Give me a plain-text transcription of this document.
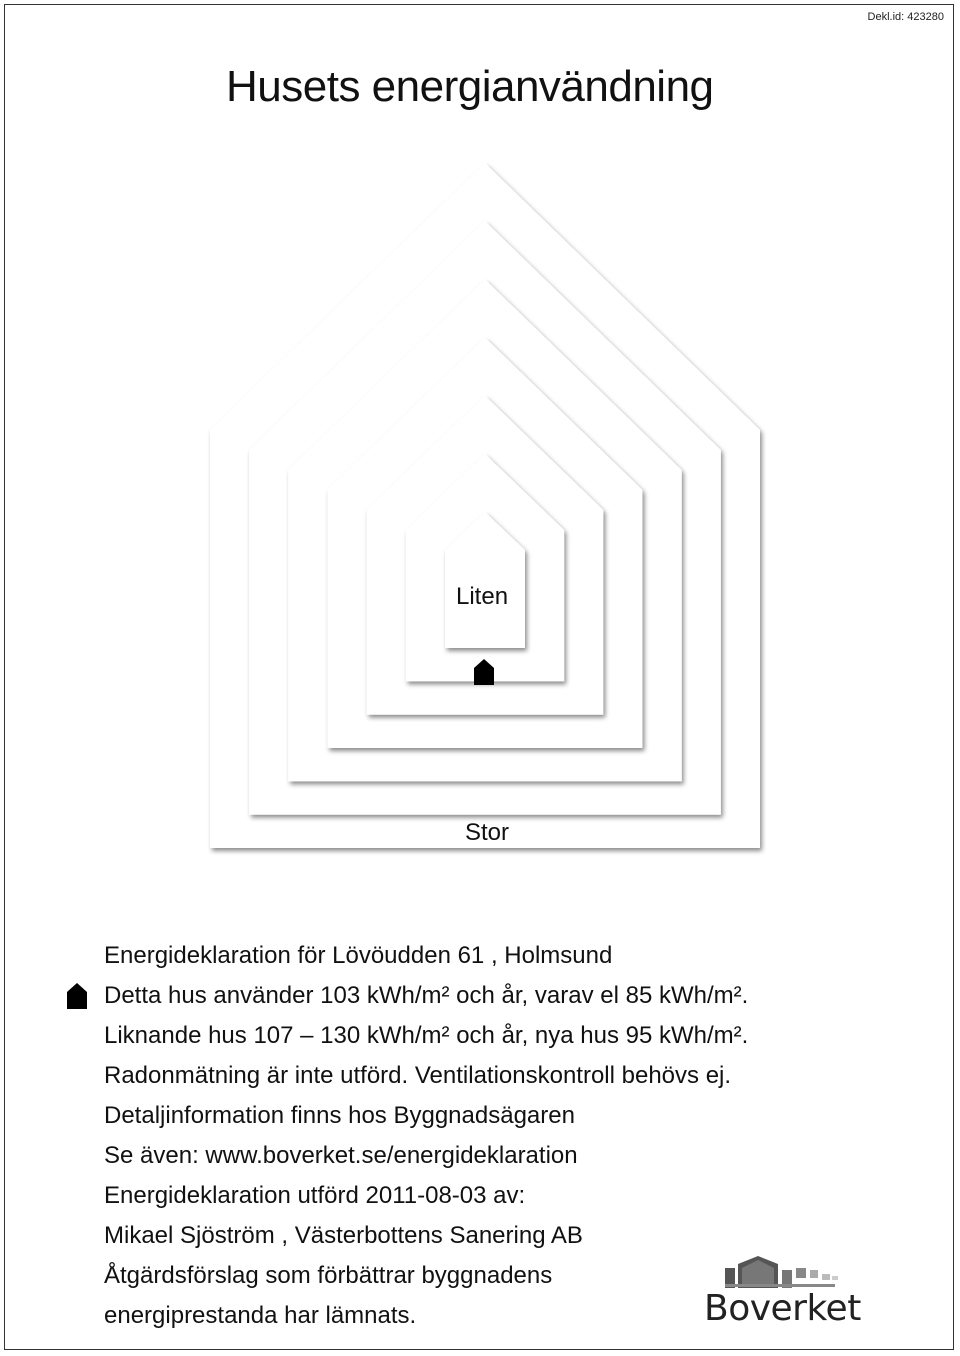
Dekl.id: 423280
Husets energianvändning
Liten
Stor
Energideklaration för Lövöudden 61 , Holmsund
Detta hus använder 103 kWh/m² och år, varav el 85 kWh/m².
Liknande hus 107 – 130 kWh/m² och år, nya hus 95 kWh/m².
Radonmätning är inte utförd. Ventilationskontroll behövs ej.
Detaljinformation finns hos Byggnadsägaren
Se även: www.boverket.se/energideklaration
Energideklaration utförd 2011-08-03 av:
Mikael Sjöström , Västerbottens Sanering AB
Åtgärdsförslag som förbättrar byggnadens
energiprestanda har lämnats.	Boverket
